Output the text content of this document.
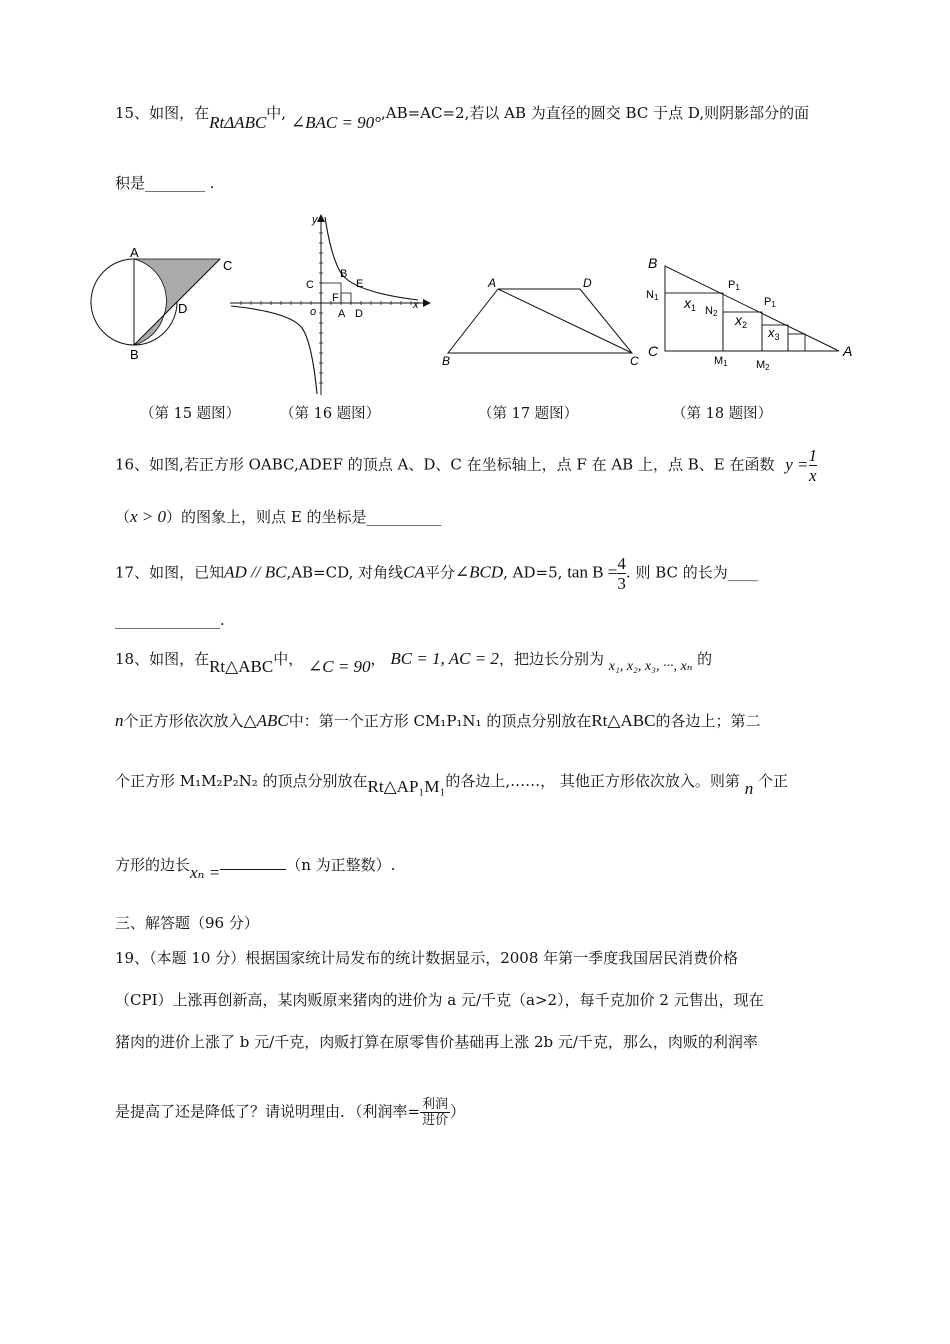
15、如图，在RtΔABC中, ∠BAC = 90°,AB=AC=2,若以 AB 为直径的圆交 BC 于点 D,则阴影部分的面
积是________ .
A
C
D
B
x
y
o
C
B
E
F
A D
A	D
B	C
B
C	A
N1
N2
P1
P1
M1	M2
$x_1$
$x_2$ $x_3$
（第 15 题图）	（第 16 题图）	（第 17 题图）	（第 18 题图）
16、如图,若正方形 OABC,ADEF 的顶点 A、D、C 在坐标轴上，点 F 在 AB 上，点 B、E 在函数 $y = \frac{1}{x}$
（x > 0）的图象上，则点 E 的坐标是__________
17、如图，已知AD // BC,AB=CD, 对角线CA平分∠BCD, AD=5, $\tan B = \frac{4}{3}$. 则 BC 的长为____
______________.
18、如图，在Rt△ABC中， ∠C = 90， BC = 1, AC = 2，把边长分别为 x₁, x₂, x₃, ···, xₙ 的
n个正方形依次放入△ABC中：第一个正方形 CM₁P₁N₁ 的顶点分别放在Rt△ABC的各边上；第二
个正方形 M₁M₂P₂N₂ 的顶点分别放在Rt△AP₁M₁的各边上,……， 其他正方形依次放入。则第 n 个正
方形的边长xₙ =	（n 为正整数）.
三、解答题（96 分）
19、（本题 10 分）根据国家统计局发布的统计数据显示，2008 年第一季度我国居民消费价格
（CPI）上涨再创新高，某肉贩原来猪肉的进价为 a 元/千克（a>2），每千克加价 2 元售出，现在
猪肉的进价上涨了 b 元/千克，肉贩打算在原零售价基础再上涨 2b 元/千克，那么，肉贩的利润率
是提高了还是降低了？请说明理由．（利润率= $\frac{\text{利润}}{\text{进价}}$ ）
